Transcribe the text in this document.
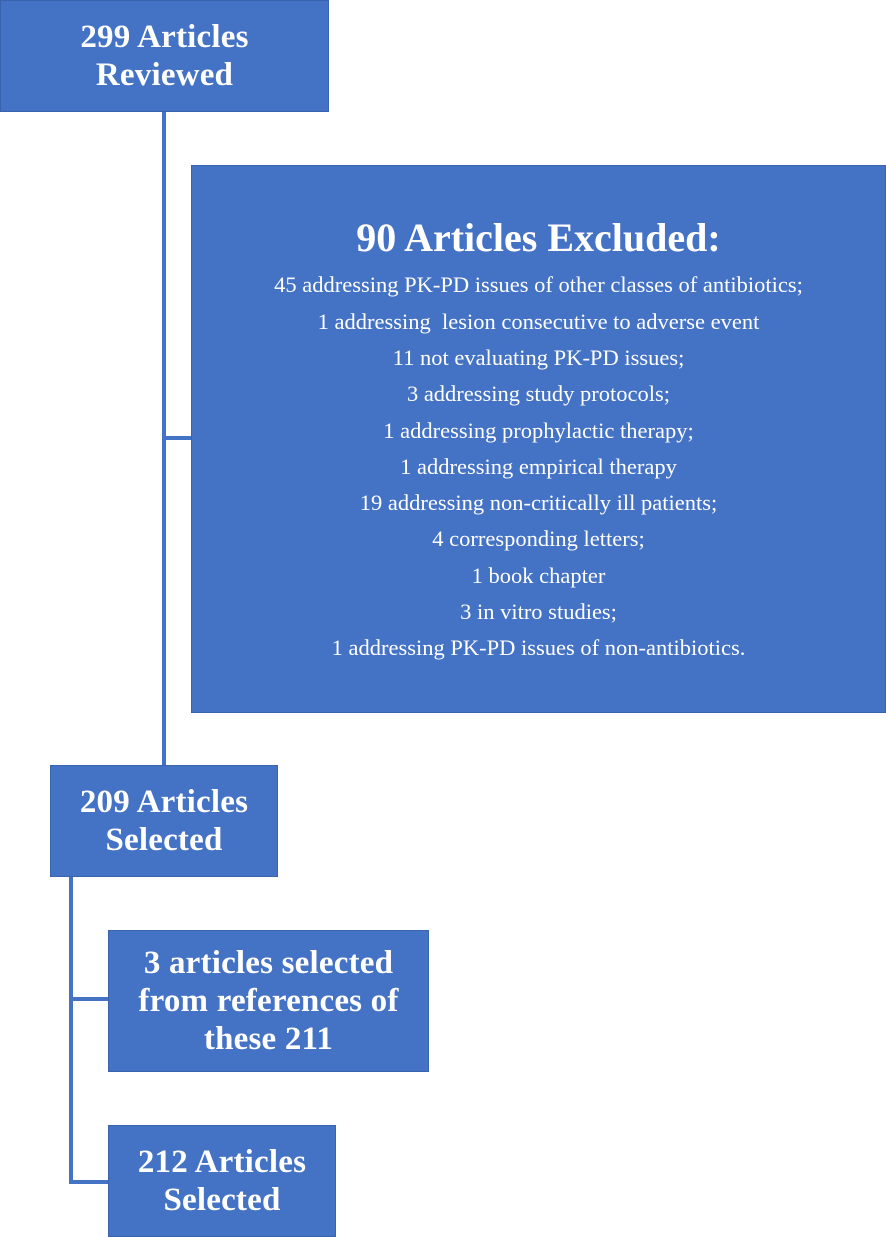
299 Articles
Reviewed
90 Articles Excluded:
45 addressing PK-PD issues of other classes of antibiotics;
1 addressing  lesion consecutive to adverse event
11 not evaluating PK-PD issues;
3 addressing study protocols;
1 addressing prophylactic therapy;
1 addressing empirical therapy
19 addressing non-critically ill patients;
4 corresponding letters;
1 book chapter
3 in vitro studies;
1 addressing PK-PD issues of non-antibiotics.
209 Articles
Selected
3 articles selected
from references of
these 211
212 Articles
Selected
